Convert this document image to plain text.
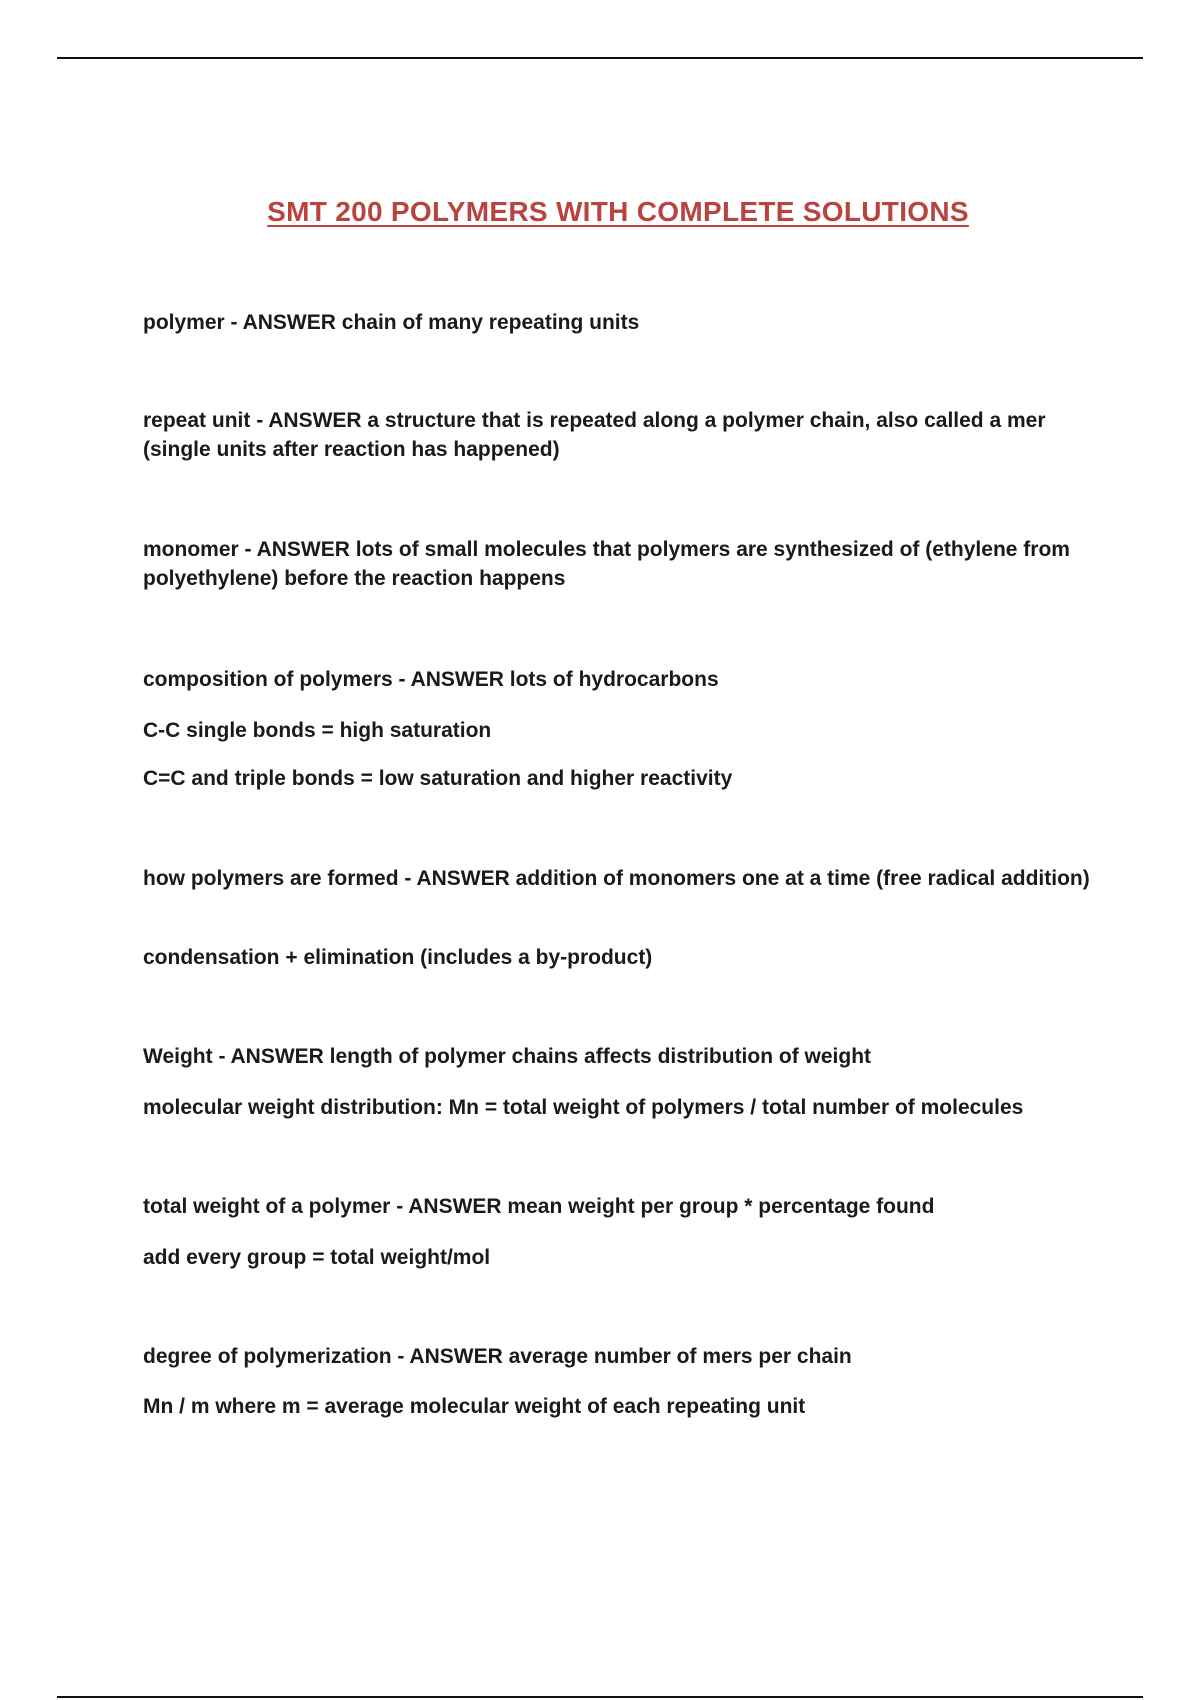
SMT 200 POLYMERS WITH COMPLETE SOLUTIONS

polymer - ANSWER chain of many repeating units

repeat unit - ANSWER a structure that is repeated along a polymer chain, also called a mer (single units after reaction has happened)

monomer - ANSWER lots of small molecules that polymers are synthesized of (ethylene from polyethylene) before the reaction happens

composition of polymers - ANSWER lots of hydrocarbons

C-C single bonds = high saturation

C=C and triple bonds = low saturation and higher reactivity

how polymers are formed - ANSWER addition of monomers one at a time (free radical addition)

condensation + elimination (includes a by-product)

Weight - ANSWER length of polymer chains affects distribution of weight

molecular weight distribution: Mn = total weight of polymers / total number of molecules

total weight of a polymer - ANSWER mean weight per group * percentage found

add every group = total weight/mol

degree of polymerization - ANSWER average number of mers per chain

Mn / m where m = average molecular weight of each repeating unit
